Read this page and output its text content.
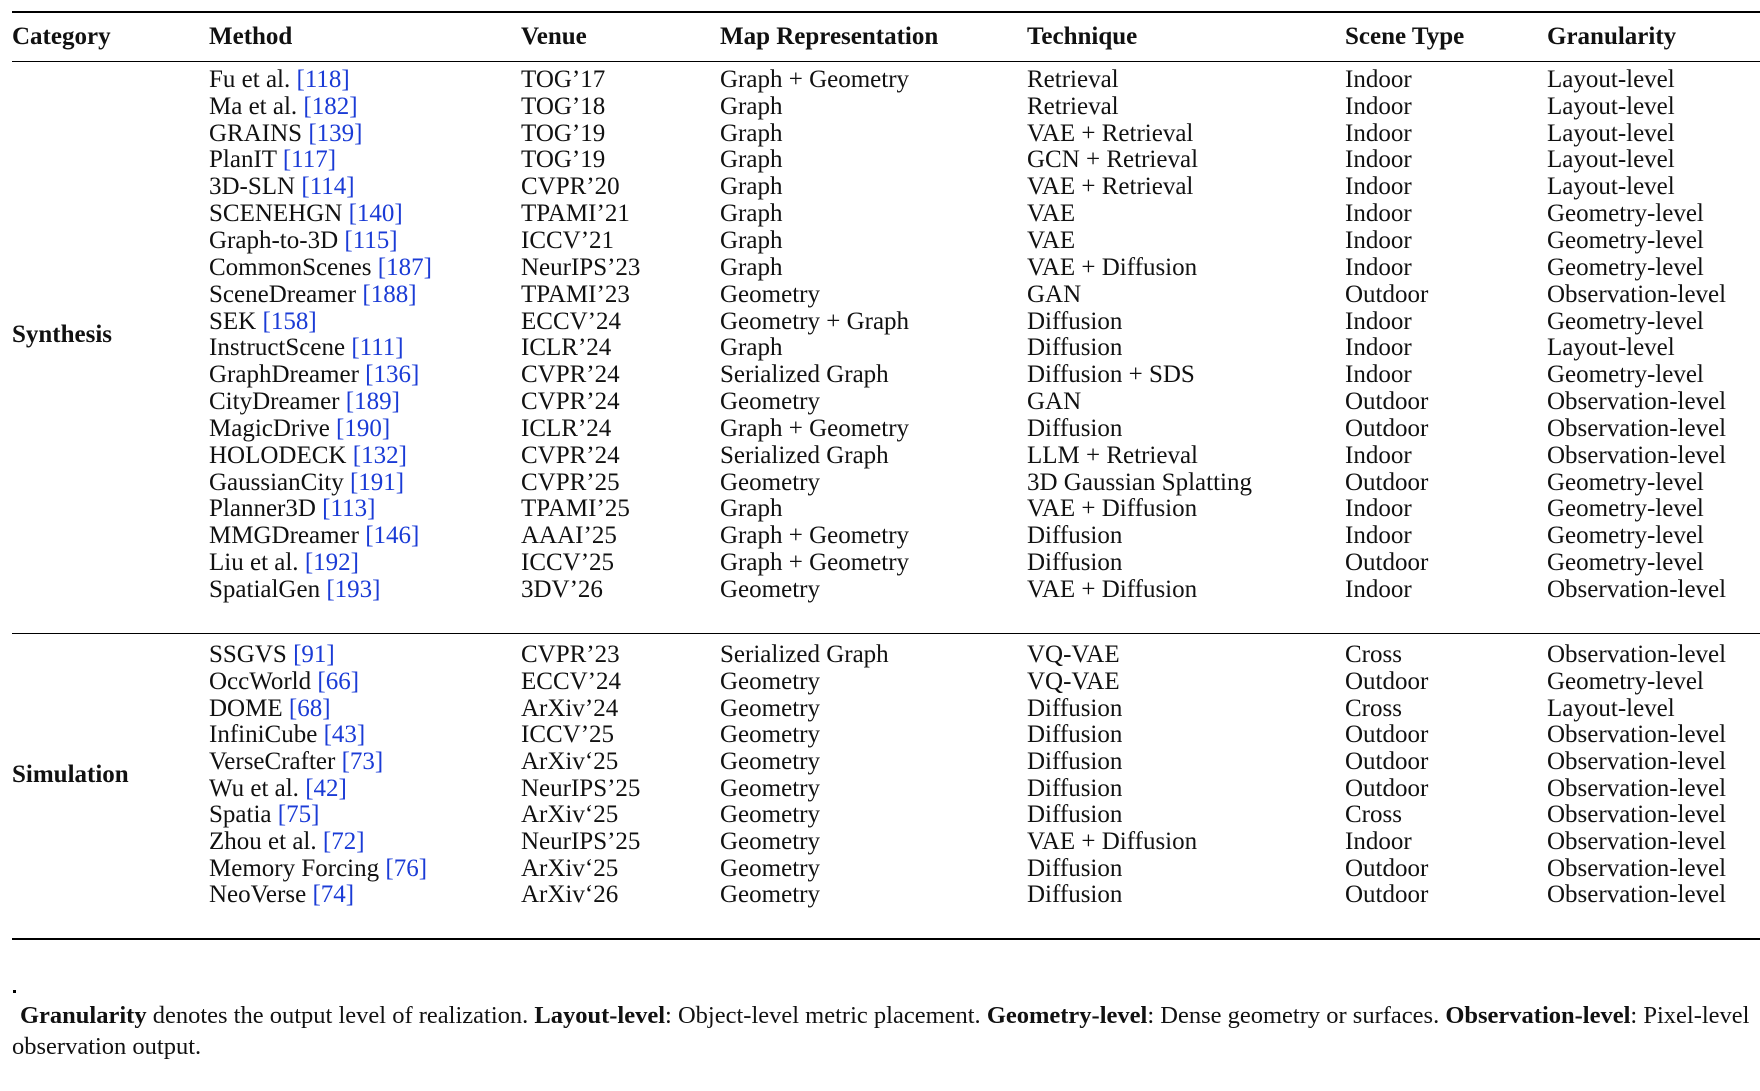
Category	Method	Venue	Map Representation	Technique	Scene Type	Granularity

Synthesis	Fu et al. [118]	TOG’17	Graph + Geometry	Retrieval	Indoor	Layout-level
	Ma et al. [182]	TOG’18	Graph	Retrieval	Indoor	Layout-level
	GRAINS [139]	TOG’19	Graph	VAE + Retrieval	Indoor	Layout-level
	PlanIT [117]	TOG’19	Graph	GCN + Retrieval	Indoor	Layout-level
	3D-SLN [114]	CVPR’20	Graph	VAE + Retrieval	Indoor	Layout-level
	SCENEHGN [140]	TPAMI’21	Graph	VAE	Indoor	Geometry-level
	Graph-to-3D [115]	ICCV’21	Graph	VAE	Indoor	Geometry-level
	CommonScenes [187]	NeurIPS’23	Graph	VAE + Diffusion	Indoor	Geometry-level
	SceneDreamer [188]	TPAMI’23	Geometry	GAN	Outdoor	Observation-level
	SEK [158]	ECCV’24	Geometry + Graph	Diffusion	Indoor	Geometry-level
	InstructScene [111]	ICLR’24	Graph	Diffusion	Indoor	Layout-level
	GraphDreamer [136]	CVPR’24	Serialized Graph	Diffusion + SDS	Indoor	Geometry-level
	CityDreamer [189]	CVPR’24	Geometry	GAN	Outdoor	Observation-level
	MagicDrive [190]	ICLR’24	Graph + Geometry	Diffusion	Outdoor	Observation-level
	HOLODECK [132]	CVPR’24	Serialized Graph	LLM + Retrieval	Indoor	Observation-level
	GaussianCity [191]	CVPR’25	Geometry	3D Gaussian Splatting	Outdoor	Geometry-level
	Planner3D [113]	TPAMI’25	Graph	VAE + Diffusion	Indoor	Geometry-level
	MMGDreamer [146]	AAAI’25	Graph + Geometry	Diffusion	Indoor	Geometry-level
	Liu et al. [192]	ICCV’25	Graph + Geometry	Diffusion	Outdoor	Geometry-level
	SpatialGen [193]	3DV’26	Geometry	VAE + Diffusion	Indoor	Observation-level

Simulation	SSGVS [91]	CVPR’23	Serialized Graph	VQ-VAE	Cross	Observation-level
	OccWorld [66]	ECCV’24	Geometry	VQ-VAE	Outdoor	Geometry-level
	DOME [68]	ArXiv’24	Geometry	Diffusion	Cross	Layout-level
	InfiniCube [43]	ICCV’25	Geometry	Diffusion	Outdoor	Observation-level
	VerseCrafter [73]	ArXiv‘25	Geometry	Diffusion	Outdoor	Observation-level
	Wu et al. [42]	NeurIPS’25	Geometry	Diffusion	Outdoor	Observation-level
	Spatia [75]	ArXiv‘25	Geometry	Diffusion	Cross	Observation-level
	Zhou et al. [72]	NeurIPS’25	Geometry	VAE + Diffusion	Indoor	Observation-level
	Memory Forcing [76]	ArXiv‘25	Geometry	Diffusion	Outdoor	Observation-level
	NeoVerse [74]	ArXiv‘26	Geometry	Diffusion	Outdoor	Observation-level

Granularity denotes the output level of realization. Layout-level: Object-level metric placement. Geometry-level: Dense geometry or surfaces. Observation-level: Pixel-level observation output.
